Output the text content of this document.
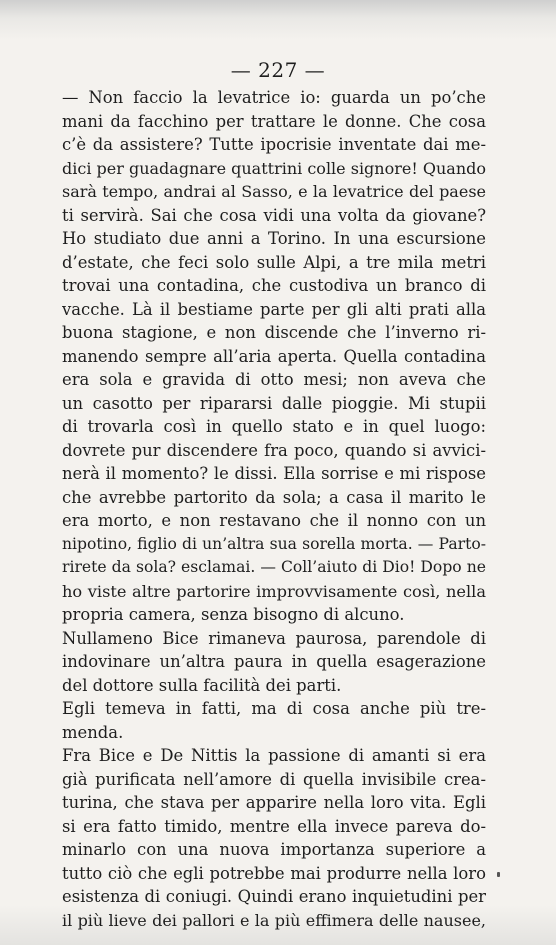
— 227 —
— Non faccio la levatrice io: guarda un po’che
mani da facchino per trattare le donne. Che cosa
c’è da assistere? Tutte ipocrisie inventate dai me-
dici per guadagnare quattrini colle signore! Quando
sarà tempo, andrai al Sasso, e la levatrice del paese
ti servirà. Sai che cosa vidi una volta da giovane?
Ho studiato due anni a Torino. In una escursione
d’estate, che feci solo sulle Alpi, a tre mila metri
trovai una contadina, che custodiva un branco di
vacche. Là il bestiame parte per gli alti prati alla
buona stagione, e non discende che l’inverno ri-
manendo sempre all’aria aperta. Quella contadina
era sola e gravida di otto mesi; non aveva che
un casotto per ripararsi dalle pioggie. Mi stupii
di trovarla così in quello stato e in quel luogo:
dovrete pur discendere fra poco, quando si avvici-
nerà il momento? le dissi. Ella sorrise e mi rispose
che avrebbe partorito da sola; a casa il marito le
era morto, e non restavano che il nonno con un
nipotino, figlio di un’altra sua sorella morta. — Parto-
rirete da sola? esclamai. — Coll’aiuto di Dio! Dopo ne
ho viste altre partorire improvvisamente così, nella
propria camera, senza bisogno di alcuno.
Nullameno Bice rimaneva paurosa, parendole di
indovinare un’altra paura in quella esagerazione
del dottore sulla facilità dei parti.
Egli temeva in fatti, ma di cosa anche più tre-
menda.
Fra Bice e De Nittis la passione di amanti si era
già purificata nell’amore di quella invisibile crea-
turina, che stava per apparire nella loro vita. Egli
si era fatto timido, mentre ella invece pareva do-
minarlo con una nuova importanza superiore a
tutto ciò che egli potrebbe mai produrre nella loro
esistenza di coniugi. Quindi erano inquietudini per
il più lieve dei pallori e la più effimera delle nausee,
